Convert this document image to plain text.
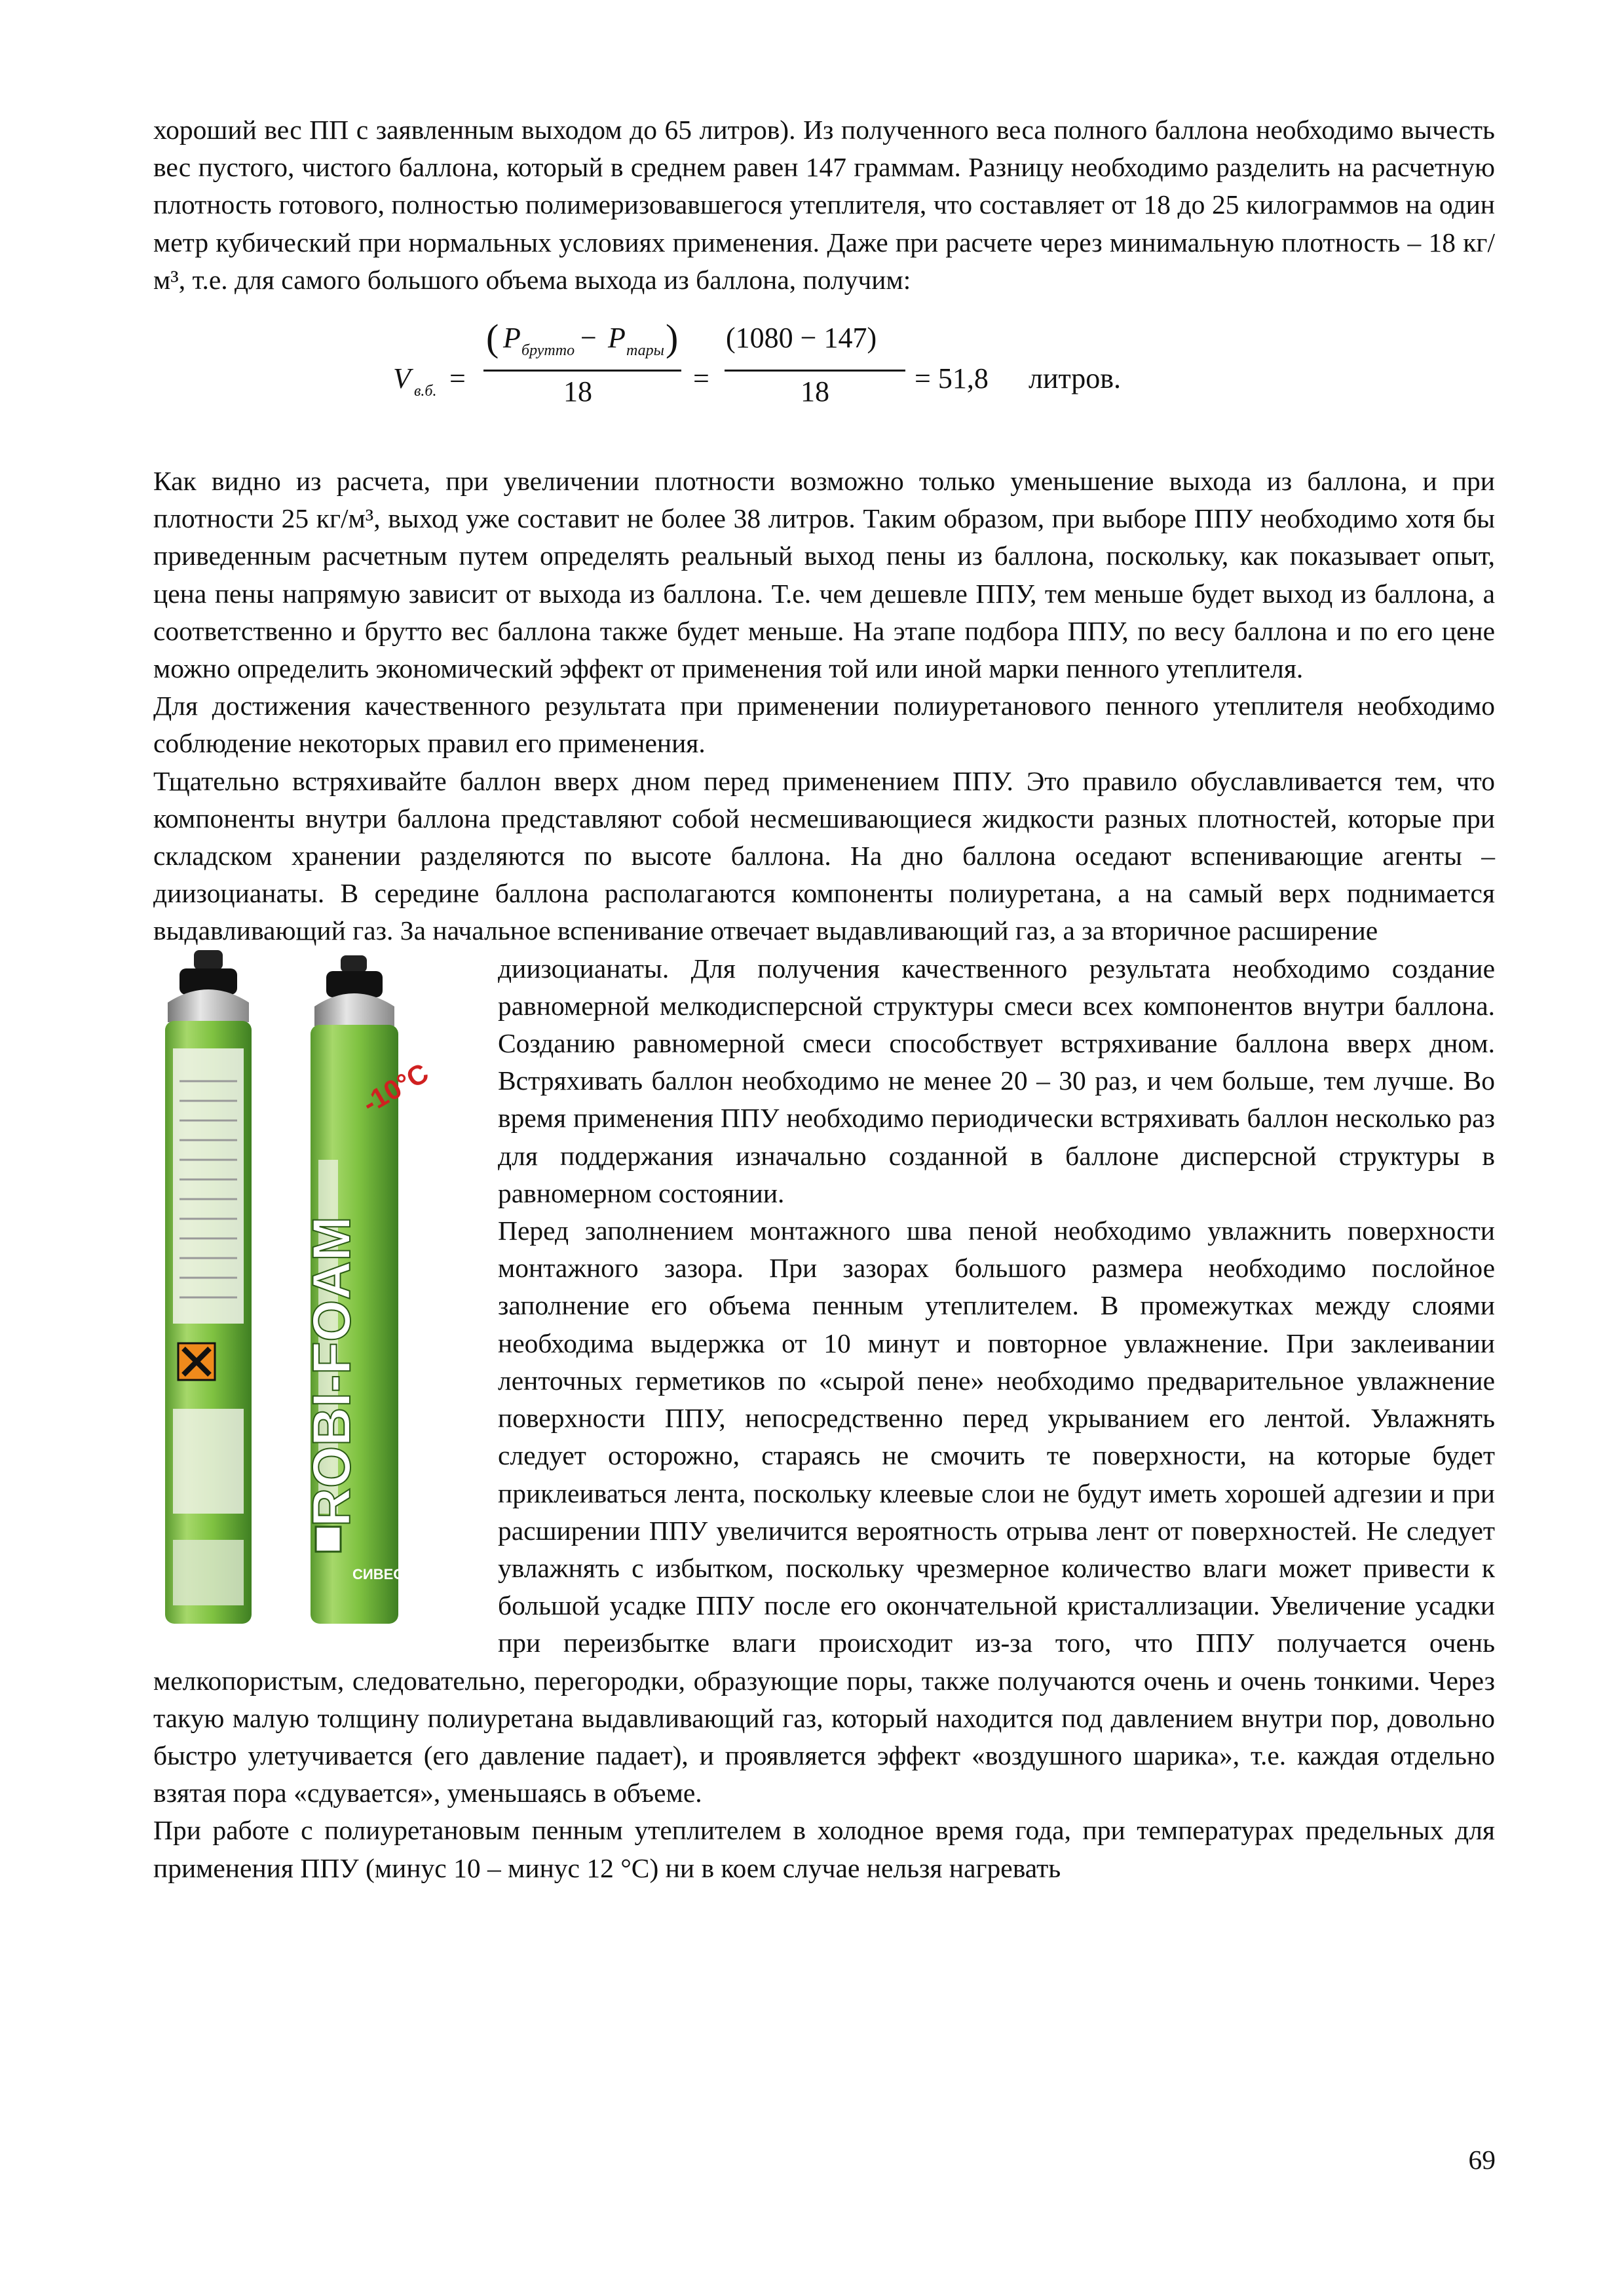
хороший вес ПП с заявленным выходом до 65 литров). Из полученного веса полного баллона необходимо вычесть вес пустого, чистого баллона, который в среднем равен 147 граммам. Разницу необходимо разделить на расчетную плотность готового, полностью полимеризовавшегося утеплителя, что составляет от 18 до 25 килограммов на один метр кубический при нормальных условиях применения. Даже при расчете через минимальную плотность – 18 кг/м³, т.е. для самого большого объема выхода из баллона, получим:

V в.б. =
( P брутто − P тары )
18	=
(1080 − 147)
18	= 51,8 литров.

Как видно из расчета, при увеличении плотности возможно только уменьшение выхода из баллона, и при плотности 25 кг/м³, выход уже составит не более 38 литров. Таким образом, при выборе ППУ необходимо хотя бы приведенным расчетным путем определять реальный выход пены из баллона, поскольку, как показывает опыт, цена пены напрямую зависит от выхода из баллона. Т.е. чем дешевле ППУ, тем меньше будет выход из баллона, а соответственно и брутто вес баллона также будет меньше. На этапе подбора ППУ, по весу баллона и по его цене можно определить экономический эффект от применения той или иной марки пенного утеплителя.

Для достижения качественного результата при применении полиуретанового пенного утеплителя необходимо соблюдение некоторых правил его применения.

Тщательно встряхивайте баллон вверх дном перед применением ППУ. Это правило обуславливается тем, что компоненты внутри баллона представляют собой несмешивающиеся жидкости разных плотностей, которые при складском хранении разделяются по высоте баллона. На дно баллона оседают вспенивающие агенты – диизоцианаты. В середине баллона располагаются компоненты полиуретана, а на самый верх поднимается выдавливающий газ. За начальное вспенивание отвечает выдавливающий газ, а за вторичное расширение

-10°C
ROBI-FOAM
СИВЕСТ

диизоцианаты. Для получения качественного результата необходимо создание равномерной мелкодисперсной структуры смеси всех компонентов внутри баллона. Созданию равномерной смеси способствует встряхивание баллона вверх дном. Встряхивать баллон необходимо не менее 20 – 30 раз, и чем больше, тем лучше. Во время применения ППУ необходимо периодически встряхивать баллон несколько раз для поддержания изначально созданной в баллоне дисперсной структуры в равномерном состоянии.

Перед заполнением монтажного шва пеной необходимо увлажнить поверхности монтажного зазора. При зазорах большого размера необходимо послойное заполнение его объема пенным утеплителем. В промежутках между слоями необходима выдержка от 10 минут и повторное увлажнение. При заклеивании ленточных герметиков по «сырой пене» необходимо предварительное увлажнение поверхности ППУ, непосредственно перед укрыванием его лентой. Увлажнять следует осторожно, стараясь не смочить те поверхности, на которые будет приклеиваться лента, поскольку клеевые слои не будут иметь хорошей адгезии и при расширении ППУ увеличится вероятность отрыва лент от поверхностей. Не следует увлажнять с избытком, поскольку чрезмерное количество влаги может привести к большой усадке ППУ после его окончательной кристаллизации. Увеличение усадки при переизбытке влаги происходит из-за того, что ППУ получается очень мелкопористым, следовательно, перегородки, образующие поры, также получаются очень и очень тонкими. Через такую малую толщину полиуретана выдавливающий газ, который находится под давлением внутри пор, довольно быстро улетучивается (его давление падает), и проявляется эффект «воздушного шарика», т.е. каждая отдельно взятая пора «сдувается», уменьшаясь в объеме.

При работе с полиуретановым пенным утеплителем в холодное время года, при температурах предельных для применения ППУ (минус 10 – минус 12 °С) ни в коем случае нельзя нагревать

69
